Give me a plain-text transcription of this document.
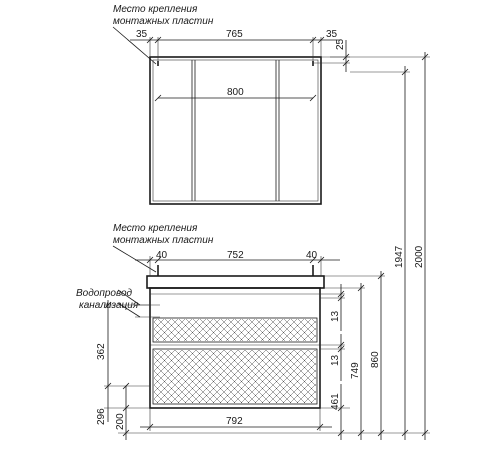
35	765	35
800
25
Место крепления
монтажных пластин
40	752	40
Место крепления
монтажных пластин
Водопровод
канализация
362
296 200	792
13
13
461
749
860
1947 2000
